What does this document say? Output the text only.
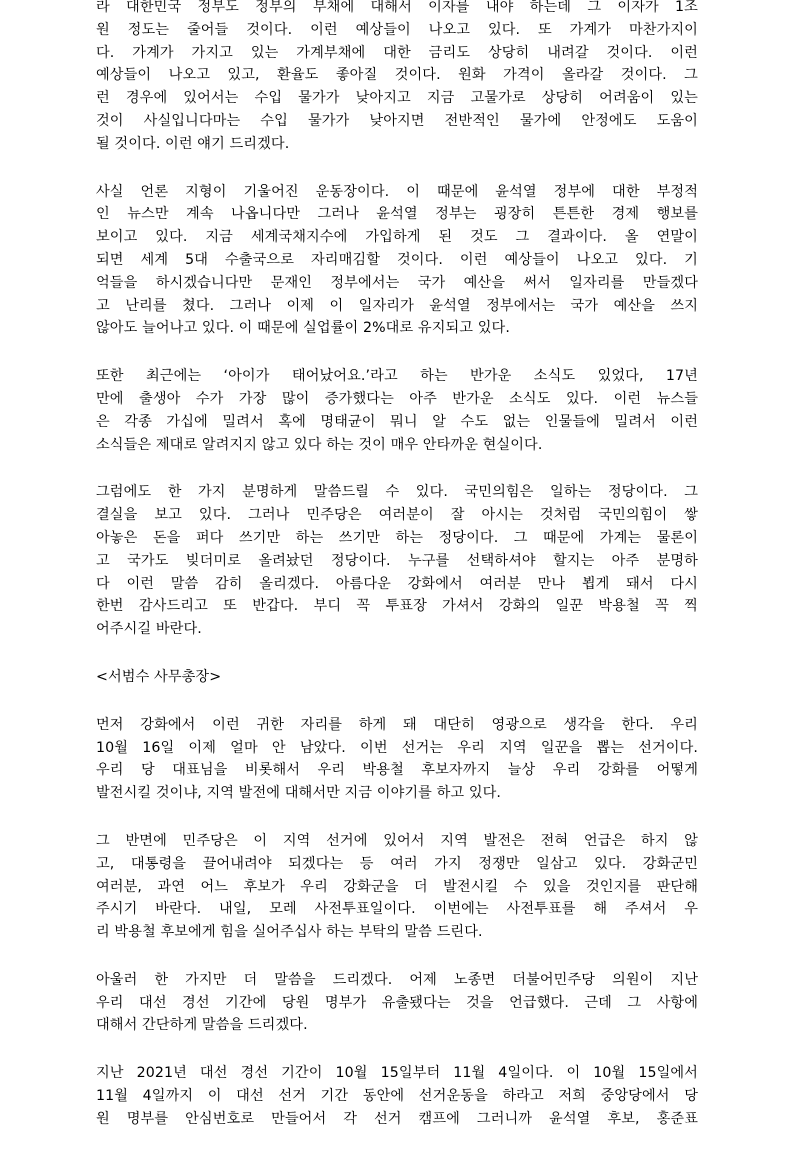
라 대한민국 정부도 정부의 부채에 대해서 이자를 내야 하는데 그 이자가 1조
원 정도는 줄어들 것이다. 이런 예상들이 나오고 있다. 또 가계가 마찬가지이
다. 가계가 가지고 있는 가계부채에 대한 금리도 상당히 내려갈 것이다. 이런
예상들이 나오고 있고, 환율도 좋아질 것이다. 원화 가격이 올라갈 것이다. 그
런 경우에 있어서는 수입 물가가 낮아지고 지금 고물가로 상당히 어려움이 있는
것이 사실입니다마는 수입 물가가 낮아지면 전반적인 물가에 안정에도 도움이
될 것이다. 이런 얘기 드리겠다.

사실 언론 지형이 기울어진 운동장이다. 이 때문에 윤석열 정부에 대한 부정적
인 뉴스만 계속 나옵니다만 그러나 윤석열 정부는 굉장히 튼튼한 경제 행보를
보이고 있다. 지금 세계국채지수에 가입하게 된 것도 그 결과이다. 올 연말이
되면 세계 5대 수출국으로 자리매김할 것이다. 이런 예상들이 나오고 있다. 기
억들을 하시겠습니다만 문재인 정부에서는 국가 예산을 써서 일자리를 만들겠다
고 난리를 쳤다. 그러나 이제 이 일자리가 윤석열 정부에서는 국가 예산을 쓰지
않아도 늘어나고 있다. 이 때문에 실업률이 2%대로 유지되고 있다.

또한 최근에는 ‘아이가 태어났어요.’라고 하는 반가운 소식도 있었다, 17년
만에 출생아 수가 가장 많이 증가했다는 아주 반가운 소식도 있다. 이런 뉴스들
은 각종 가십에 밀려서 혹에 명태균이 뭐니 알 수도 없는 인물들에 밀려서 이런
소식들은 제대로 알려지지 않고 있다 하는 것이 매우 안타까운 현실이다.

그럼에도 한 가지 분명하게 말씀드릴 수 있다. 국민의힘은 일하는 정당이다. 그
결실을 보고 있다. 그러나 민주당은 여러분이 잘 아시는 것처럼 국민의힘이 쌓
아놓은 돈을 퍼다 쓰기만 하는 쓰기만 하는 정당이다. 그 때문에 가계는 물론이
고 국가도 빚더미로 올려놨던 정당이다. 누구를 선택하셔야 할지는 아주 분명하
다 이런 말씀 감히 올리겠다. 아름다운 강화에서 여러분 만나 뵙게 돼서 다시
한번 감사드리고 또 반갑다. 부디 꼭 투표장 가셔서 강화의 일꾼 박용철 꼭 찍
어주시길 바란다.

<서범수 사무총장>

먼저 강화에서 이런 귀한 자리를 하게 돼 대단히 영광으로 생각을 한다. 우리
10월 16일 이제 얼마 안 남았다. 이번 선거는 우리 지역 일꾼을 뽑는 선거이다.
우리 당 대표님을 비롯해서 우리 박용철 후보자까지 늘상 우리 강화를 어떻게
발전시킬 것이냐, 지역 발전에 대해서만 지금 이야기를 하고 있다.

그 반면에 민주당은 이 지역 선거에 있어서 지역 발전은 전혀 언급은 하지 않
고, 대통령을 끌어내려야 되겠다는 등 여러 가지 정쟁만 일삼고 있다. 강화군민
여러분, 과연 어느 후보가 우리 강화군을 더 발전시킬 수 있을 것인지를 판단해
주시기 바란다. 내일, 모레 사전투표일이다. 이번에는 사전투표를 해 주셔서 우
리 박용철 후보에게 힘을 실어주십사 하는 부탁의 말씀 드린다.

아울러 한 가지만 더 말씀을 드리겠다. 어제 노종면 더불어민주당 의원이 지난
우리 대선 경선 기간에 당원 명부가 유출됐다는 것을 언급했다. 근데 그 사항에
대해서 간단하게 말씀을 드리겠다.

지난 2021년 대선 경선 기간이 10월 15일부터 11월 4일이다. 이 10월 15일에서
11월 4일까지 이 대선 선거 기간 동안에 선거운동을 하라고 저희 중앙당에서 당
원 명부를 안심번호로 만들어서 각 선거 캠프에 그러니까 윤석열 후보, 홍준표
